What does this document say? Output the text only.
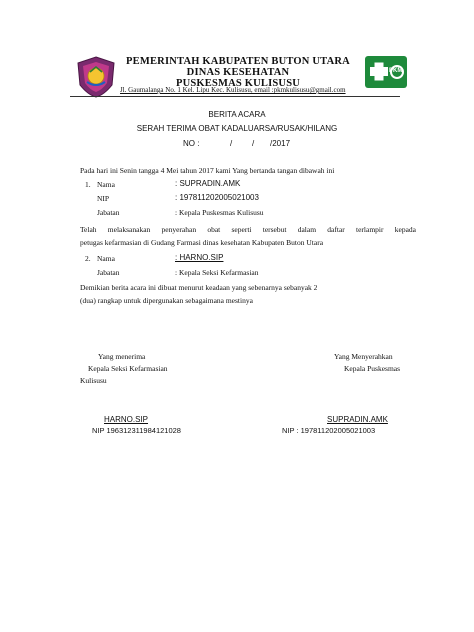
PEMERINTAH KABUPATEN BUTON UTARA
DINAS KESEHATAN
PUSKESMAS KULISUSU
PKM
Jl. Gaumalanga No. 1 Kel. Lipu Kec. Kulisusu, email :pkmkulisusu@gmail.com
BERITA ACARA
SERAH TERIMA OBAT KADALUARSA/RUSAK/HILANG
NO :	/ / /2017
Pada hari ini Senin tangga 4 Mei tahun 2017 kami Yang bertanda tangan dibawah ini
1. Nama	: SUPRADIN.AMK
NIP	: 197811202005021003
Jabatan	: Kepala Puskesmas Kulisusu
Telah melaksanakan penyerahan obat seperti tersebut dalam daftar terlampir kepada
petugas kefarmasian di Gudang Farmasi dinas kesehatan Kabupaten Buton Utara
2. Nama	: HARNO.SIP
Jabatan	: Kepala Seksi Kefarmasian
Demikian berita acara ini dibuat menurut keadaan yang sebenarnya sebanyak 2
(dua) rangkap untuk dipergunakan sebagaimana mestinya
Yang menerima
Kepala Seksi Kefarmasian
Kulisusu
Yang Menyerahkan
Kepala Puskesmas
HARNO.SIP
NIP 196312311984121028
SUPRADIN.AMK
NIP : 197811202005021003
